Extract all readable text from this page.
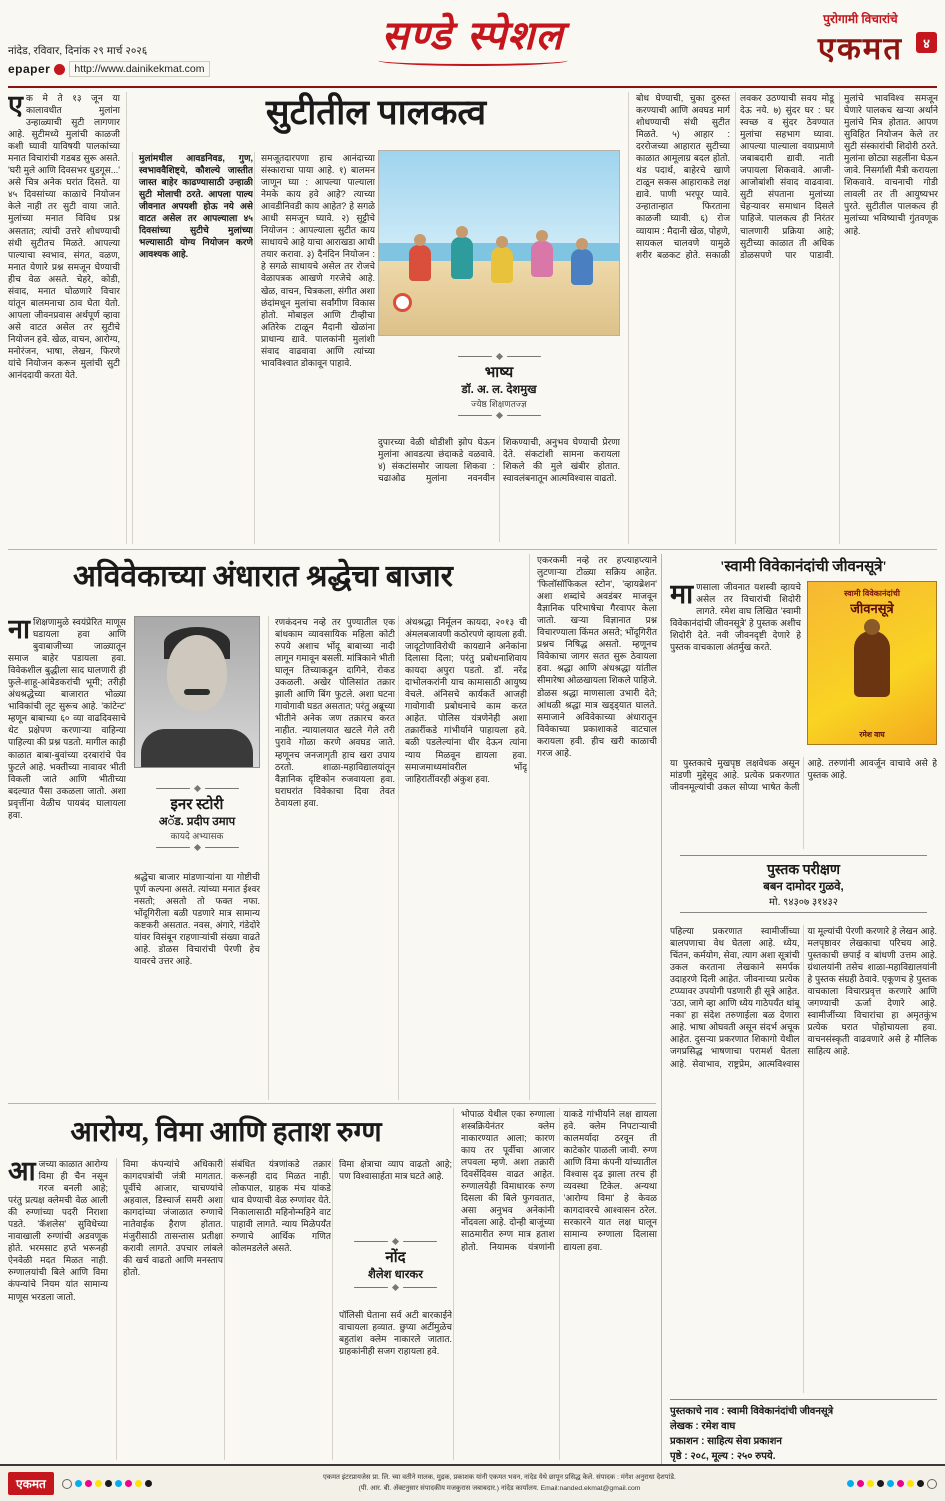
नांदेड, रविवार, दिनांक २९ मार्च २०२६
epaper	http://www.dainikekmat.com
सण्डे स्पेशल	पुरोगामी विचारांचे
एकमत	४
एक मे ते १३ जून या कालावधीत मुलांना उन्हाळ्याची सुटी लागणार आहे. सुटीमध्ये मुलांची काळजी कशी घ्यावी याविषयी पालकांच्या मनात विचारांची गडबड सुरू असते. 'घरी मुले आणि दिवसभर धुडगूस...' असे चित्र अनेक घरांत दिसते. या ४५ दिवसांच्या काळाचे नियोजन केले नाही तर सुटी वाया जाते. मुलांच्या मनात विविध प्रश्न असतात; त्यांची उत्तरे शोधण्याची संधी सुटीतच मिळते. आपल्या पाल्याचा स्वभाव, संगत, वळण, मनात येणारे प्रश्न समजून घेण्याची हीच वेळ असते. चेहरे, कोडी, संवाद, मनात घोळणारे विचार यांतून बालमनाचा ठाव घेता येतो. आपला जीवनप्रवास अर्थपूर्ण व्हावा असे वाटत असेल तर सुटीचे नियोजन हवे. खेळ, वाचन, आरोग्य, मनोरंजन, भाषा, लेखन, फिरणे यांचे नियोजन करून मुलांची सुटी आनंददायी करता येते.
सुटीतील पालकत्व
मुलांमधील आवडनिवड, गुण, स्वभाववैशिष्ट्ये, कौशल्ये जास्तीत जास्त बाहेर काढण्यासाठी उन्हाळी सुटी मोलाची ठरते. आपला पाल्य जीवनात अपयशी होऊ नये असे वाटत असेल तर आपल्याला ४५ दिवसांच्या सुटीचे मुलांच्या भल्यासाठी योग्य नियोजन करणे आवश्यक आहे.
समजूतदारपणा हाच आनंदाच्या संस्काराचा पाया आहे. १) बालमन जाणून घ्या : आपल्या पाल्याला नेमके काय हवे आहे? त्याच्या आवडीनिवडी काय आहेत? हे सगळे आधी समजून घ्यावे. २) सुट्टीचे नियोजन : आपल्याला सुटीत काय साधायचे आहे याचा आराखडा आधी तयार करावा. ३) दैनंदिन नियोजन : हे सगळे साधायचे असेल तर रोजचे वेळापत्रक आखणे गरजेचे आहे. खेळ, वाचन, चित्रकला, संगीत अशा छंदांमधून मुलांचा सर्वांगीण विकास होतो. मोबाइल आणि टीव्हीचा अतिरेक टाळून मैदानी खेळांना प्राधान्य द्यावे. पालकांनी मुलांशी संवाद वाढवावा आणि त्यांच्या भावविश्वात डोकावून पाहावे.
भाष्य
डॉ. अ. ल. देशमुख
ज्येष्ठ शिक्षणतज्ज्ञ
दुपारच्या वेळी थोडीशी झोप घेऊन मुलांना आवडत्या छंदाकडे वळवावे. ४) संकटांसमोर जायला शिकवा : चढाओढ मुलांना नवनवीन शिकण्याची, अनुभव घेण्याची प्रेरणा देते. संकटांशी सामना करायला शिकले की मुले खंबीर होतात. स्वावलंबनातून आत्मविश्वास वाढतो.
बोध घेण्याची, चुका दुरुस्त करण्याची आणि अवघड मार्ग शोधण्याची संधी सुटीत मिळते. ५) आहार : दररोजच्या आहारात सुटीच्या काळात आमूलाग्र बदल होतो. थंड पदार्थ, बाहेरचे खाणे टाळून सकस आहाराकडे लक्ष द्यावे. पाणी भरपूर प्यावे. उन्हातान्हात फिरताना काळजी घ्यावी. ६) रोज व्यायाम : मैदानी खेळ, पोहणे, सायकल चालवणे यामुळे शरीर बळकट होते. सकाळी लवकर उठण्याची सवय मोडू देऊ नये. ७) सुंदर घर : घर स्वच्छ व सुंदर ठेवण्यात मुलांचा सहभाग घ्यावा. आपल्या पाल्याला वयाप्रमाणे जबाबदारी द्यावी. नाती जपायला शिकवावे. आजी-आजोबांशी संवाद वाढवावा. सुटी संपताना मुलांच्या चेहऱ्यावर समाधान दिसले पाहिजे. पालकत्व ही निरंतर चालणारी प्रक्रिया आहे; सुटीच्या काळात ती अधिक डोळसपणे पार पाडावी. मुलांचे भावविश्व समजून घेणारे पालकच खऱ्या अर्थाने मुलांचे मित्र होतात. आपण सुविहित नियोजन केले तर सुटी संस्कारांची शिदोरी ठरते. मुलांना छोट्या सहलींना घेऊन जावे. निसर्गाशी मैत्री करायला शिकवावे. वाचनाची गोडी लावली तर ती आयुष्यभर पुरते. सुटीतील पालकत्व ही मुलांच्या भविष्याची गुंतवणूक आहे.
अविवेकाच्या अंधारात श्रद्धेचा बाजार	एकरकमी नव्हे तर हप्त्याहप्त्याने लुटणाऱ्या टोळ्या सक्रिय आहेत. 'फिलॉसॉफिकल स्टोन', 'व्हायब्रेशन' अशा शब्दांचे अवडंबर माजवून वैज्ञानिक परिभाषेचा गैरवापर केला जातो. खऱ्या विज्ञानात प्रश्न विचारण्याला किंमत असते; भोंदूगिरीत प्रश्नच निषिद्ध असतो. म्हणूनच विवेकाचा जागर सतत सुरू ठेवायला हवा. श्रद्धा आणि अंधश्रद्धा यांतील सीमारेषा ओळखायला शिकले पाहिजे. डोळस श्रद्धा माणसाला उभारी देते; आंधळी श्रद्धा मात्र खड्ड्यात घालते. समाजाने अविवेकाच्या अंधारातून विवेकाच्या प्रकाशाकडे वाटचाल करायला हवी. हीच खरी काळाची गरज आहे.
नाशिक्षणामुळे स्वयंप्रेरित माणूस घडायला हवा आणि बुवाबाजीच्या जाळ्यातून समाज बाहेर पडायला हवा. विवेकशील बुद्धीला साद घालणारी ही फुले-शाहू-आंबेडकरांची भूमी; तरीही अंधश्रद्धेच्या बाजारात भोळ्या भाविकांची लूट सुरूच आहे. 'कांटेन्ट' म्हणून बाबाच्या ६० व्या वाढदिवसाचे थेट प्रक्षेपण करणाऱ्या वाहिन्या पाहिल्या की प्रश्न पडतो. मागील काही काळात बाबा-बुवांच्या दरबारांचे पेव फुटले आहे. भक्तीच्या नावावर भीती विकली जाते आणि भीतीच्या बदल्यात पैसा उकळला जातो. अशा प्रवृत्तींना वेळीच पायबंद घालायला हवा.
इनर स्टोरी
अॅड. प्रदीप उमाप
कायदे अभ्यासक
श्रद्धेचा बाजार मांडणाऱ्यांना या गोष्टीची पूर्ण कल्पना असते. त्यांच्या मनात ईश्वर नसतो; असतो तो फक्त नफा. भोंदूगिरीला बळी पडणारे मात्र सामान्य कष्टकरी असतात. नवस, अंगारे, गंडेदोरे यांवर विसंबून राहणाऱ्यांची संख्या वाढते आहे. डोळस विचारांची पेरणी हेच यावरचे उत्तर आहे.
रणकंदनच नव्हे तर पुण्यातील एक बांधकाम व्यावसायिक महिला कोटी रुपये अशाच भोंदू बाबाच्या नादी लागून गमावून बसली. मांत्रिकाने भीती घालून तिच्याकडून दागिने, रोकड उकळली. अखेर पोलिसांत तक्रार झाली आणि बिंग फुटले. अशा घटना गावोगावी घडत असतात; परंतु अब्रूच्या भीतीने अनेक जण तक्रारच करत नाहीत. न्यायालयात खटले गेले तरी पुरावे गोळा करणे अवघड जाते. म्हणूनच जनजागृती हाच खरा उपाय ठरतो. शाळा-महाविद्यालयांतून वैज्ञानिक दृष्टिकोन रुजवायला हवा. घराघरांत विवेकाचा दिवा तेवत ठेवायला हवा.
अंधश्रद्धा निर्मूलन कायदा, २०१३ ची अंमलबजावणी कठोरपणे व्हायला हवी. जादूटोणाविरोधी कायद्याने अनेकांना दिलासा दिला; परंतु प्रबोधनाशिवाय कायदा अपुरा पडतो. डॉ. नरेंद्र दाभोलकरांनी याच कामासाठी आयुष्य वेचले. अंनिसचे कार्यकर्ते आजही गावोगावी प्रबोधनाचे काम करत आहेत. पोलिस यंत्रणेनेही अशा तक्रारींकडे गांभीर्याने पाहायला हवे. बळी पडलेल्यांना धीर देऊन त्यांना न्याय मिळवून द्यायला हवा. समाजमाध्यमांवरील भोंदू जाहिरातींवरही अंकुश हवा.
'स्वामी विवेकानंदांची जीवनसूत्रे'
माणसाला जीवनात यशस्वी व्हायचे असेल तर विचारांची शिदोरी लागते. रमेश वाघ लिखित 'स्वामी विवेकानंदांची जीवनसूत्रे' हे पुस्तक अशीच शिदोरी देते. नवी जीवनदृष्टी देणारे हे पुस्तक वाचकाला अंतर्मुख करते.
स्वामी विवेकानंदांची
जीवनसूत्रे
रमेश वाघ
या पुस्तकाचे मुखपृष्ठ लक्षवेधक असून मांडणी मुद्देसूद आहे. प्रत्येक प्रकरणात जीवनमूल्यांची उकल सोप्या भाषेत केली आहे. तरुणांनी आवर्जून वाचावे असे हे पुस्तक आहे.
पुस्तक परीक्षण
बबन दामोदर गुळवे,
मो. ९४३०७ ३१४३२
पहिल्या प्रकरणात स्वामीजींच्या बालपणाचा वेध घेतला आहे. ध्येय, चिंतन, कर्मयोग, सेवा, त्याग अशा सूत्रांची उकल करताना लेखकाने समर्पक उदाहरणे दिली आहेत. जीवनाच्या प्रत्येक टप्प्यावर उपयोगी पडणारी ही सूत्रे आहेत. 'उठा, जागे व्हा आणि ध्येय गाठेपर्यंत थांबू नका' हा संदेश तरुणाईला बळ देणारा आहे. भाषा ओघवती असून संदर्भ अचूक आहेत. दुसऱ्या प्रकरणात शिकागो येथील जगप्रसिद्ध भाषणाचा परामर्श घेतला आहे. सेवाभाव, राष्ट्रप्रेम, आत्मविश्वास या मूल्यांची पेरणी करणारे हे लेखन आहे. मलपृष्ठावर लेखकाचा परिचय आहे. पुस्तकाची छपाई व बांधणी उत्तम आहे. ग्रंथालयांनी तसेच शाळा-महाविद्यालयांनी हे पुस्तक संग्रही ठेवावे. एकूणच हे पुस्तक वाचकाला विचारप्रवृत्त करणारे आणि जगण्याची ऊर्जा देणारे आहे. स्वामीजींच्या विचारांचा हा अमृतकुंभ प्रत्येक घरात पोहोचायला हवा. वाचनसंस्कृती वाढवणारे असे हे मौलिक साहित्य आहे.
पुस्तकाचे नाव : स्वामी विवेकानंदांची जीवनसूत्रे
लेखक : रमेश वाघ
प्रकाशन : साहित्य सेवा प्रकाशन
पृष्ठे : २०८, मूल्य : २५० रुपये.
आरोग्य, विमा आणि हताश रुग्ण
भोपाळ येथील एका रुग्णाला शस्त्रक्रियेनंतर क्लेम नाकारण्यात आला; कारण काय तर पूर्वीचा आजार लपवला म्हणे. अशा तक्रारी दिवसेंदिवस वाढत आहेत. रुग्णालयेही विमाधारक रुग्ण दिसला की बिले फुगवतात, असा अनुभव अनेकांनी नोंदवला आहे. दोन्ही बाजूंच्या साठमारीत रुग्ण मात्र हताश होतो. नियामक यंत्रणांनी याकडे गांभीर्याने लक्ष द्यायला हवे. क्लेम निपटाऱ्याची कालमर्यादा ठरवून ती काटेकोर पाळली जावी. रुग्ण आणि विमा कंपनी यांच्यातील विश्वास दृढ झाला तरच ही व्यवस्था टिकेल. अन्यथा 'आरोग्य विमा' हे केवळ कागदावरचे आश्वासन ठरेल. सरकारने यात लक्ष घालून सामान्य रुग्णाला दिलासा द्यायला हवा.
आजच्या काळात आरोग्य विमा ही चैन नसून गरज बनली आहे; परंतु प्रत्यक्ष क्लेमची वेळ आली की रुग्णांच्या पदरी निराशा पडते. 'कॅशलेस' सुविधेच्या नावाखाली रुग्णांची अडवणूक होते. भरमसाट हप्ते भरूनही ऐनवेळी मदत मिळत नाही. रुग्णालयांची बिले आणि विमा कंपन्यांचे नियम यांत सामान्य माणूस भरडला जातो.
विमा कंपन्यांचे अधिकारी कागदपत्रांची जंत्री मागतात. पूर्वीचे आजार, चाचण्यांचे अहवाल, डिस्चार्ज समरी अशा कागदांच्या जंजाळात रुग्णाचे नातेवाईक हैराण होतात. मंजुरीसाठी तासन्तास प्रतीक्षा करावी लागते. उपचार लांबले की खर्च वाढतो आणि मनस्ताप होतो.
संबंधित यंत्रणांकडे तक्रार करूनही दाद मिळत नाही. लोकपाल, ग्राहक मंच यांकडे धाव घेण्याची वेळ रुग्णांवर येते. निकालासाठी महिनोन्महिने वाट पाहावी लागते. न्याय मिळेपर्यंत रुग्णाचे आर्थिक गणित कोलमडलेले असते.
विमा क्षेत्राचा व्याप वाढतो आहे; पण विश्वासार्हता मात्र घटते आहे.
नोंद
शैलेश धारकर
पॉलिसी घेताना सर्व अटी बारकाईने वाचायला हव्यात. छुप्या अटींमुळेच बहुतांश क्लेम नाकारले जातात. ग्राहकांनीही सजग राहायला हवे.
एकमत	एकमत इंटरप्रायजेस प्रा. लि. च्या वतीने मालक, मुद्रक, प्रकाशक यांनी एकमत भवन, नांदेड येथे छापून प्रसिद्ध केले. संपादक : मंगेश अनुराधा देशपांडे.
(पी. आर. बी. ॲक्टनुसार संपादकीय मजकुरास जबाबदार.) नांदेड कार्यालय. Email:nanded.ekmat@gmail.com
